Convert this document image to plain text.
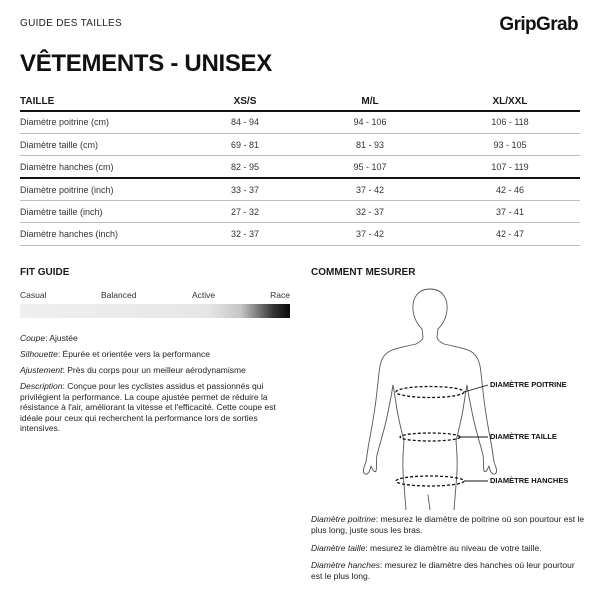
GUIDE DES TAILLES	GripGrab
VÊTEMENTS - UNISEX
TAILLE	XS/S	M/L	XL/XXL
Diamètre poitrine (cm)	84 - 94	94 - 106	106 - 118
Diamètre taille (cm)	69 - 81	81 - 93	93 - 105
Diamètre hanches (cm)	82 - 95	95 - 107	107 - 119
Diamètre poitrine (inch)	33 - 37	37 - 42	42 - 46
Diamètre taille (inch)	27 - 32	32 - 37	37 - 41
Diamètre hanches (inch)	32 - 37	37 - 42	42 - 47
FIT GUIDE
Casual	Balanced	Active	Race
Coupe: Ajustée
Silhouette: Épurée et orientée vers la performance
Ajustement: Près du corps pour un meilleur aérodynamisme
Description: Conçue pour les cyclistes assidus et passionnés qui privilégient la performance. La coupe ajustée permet de réduire la résistance à l'air, améliorant la vitesse et l'efficacité. Cette coupe est idéale pour ceux qui recherchent la performance lors de sorties intensives.
COMMENT MESURER
DIAMÈTRE POITRINE
DIAMÈTRE TAILLE
DIAMÈTRE HANCHES
Diamètre poitrine: mesurez le diamètre de poitrine où son pourtour est le plus long, juste sous les bras.
Diamètre taille: mesurez le diamètre au niveau de votre taille.
Diamètre hanches: mesurez le diamètre des hanches où leur pourtour est le plus long.
